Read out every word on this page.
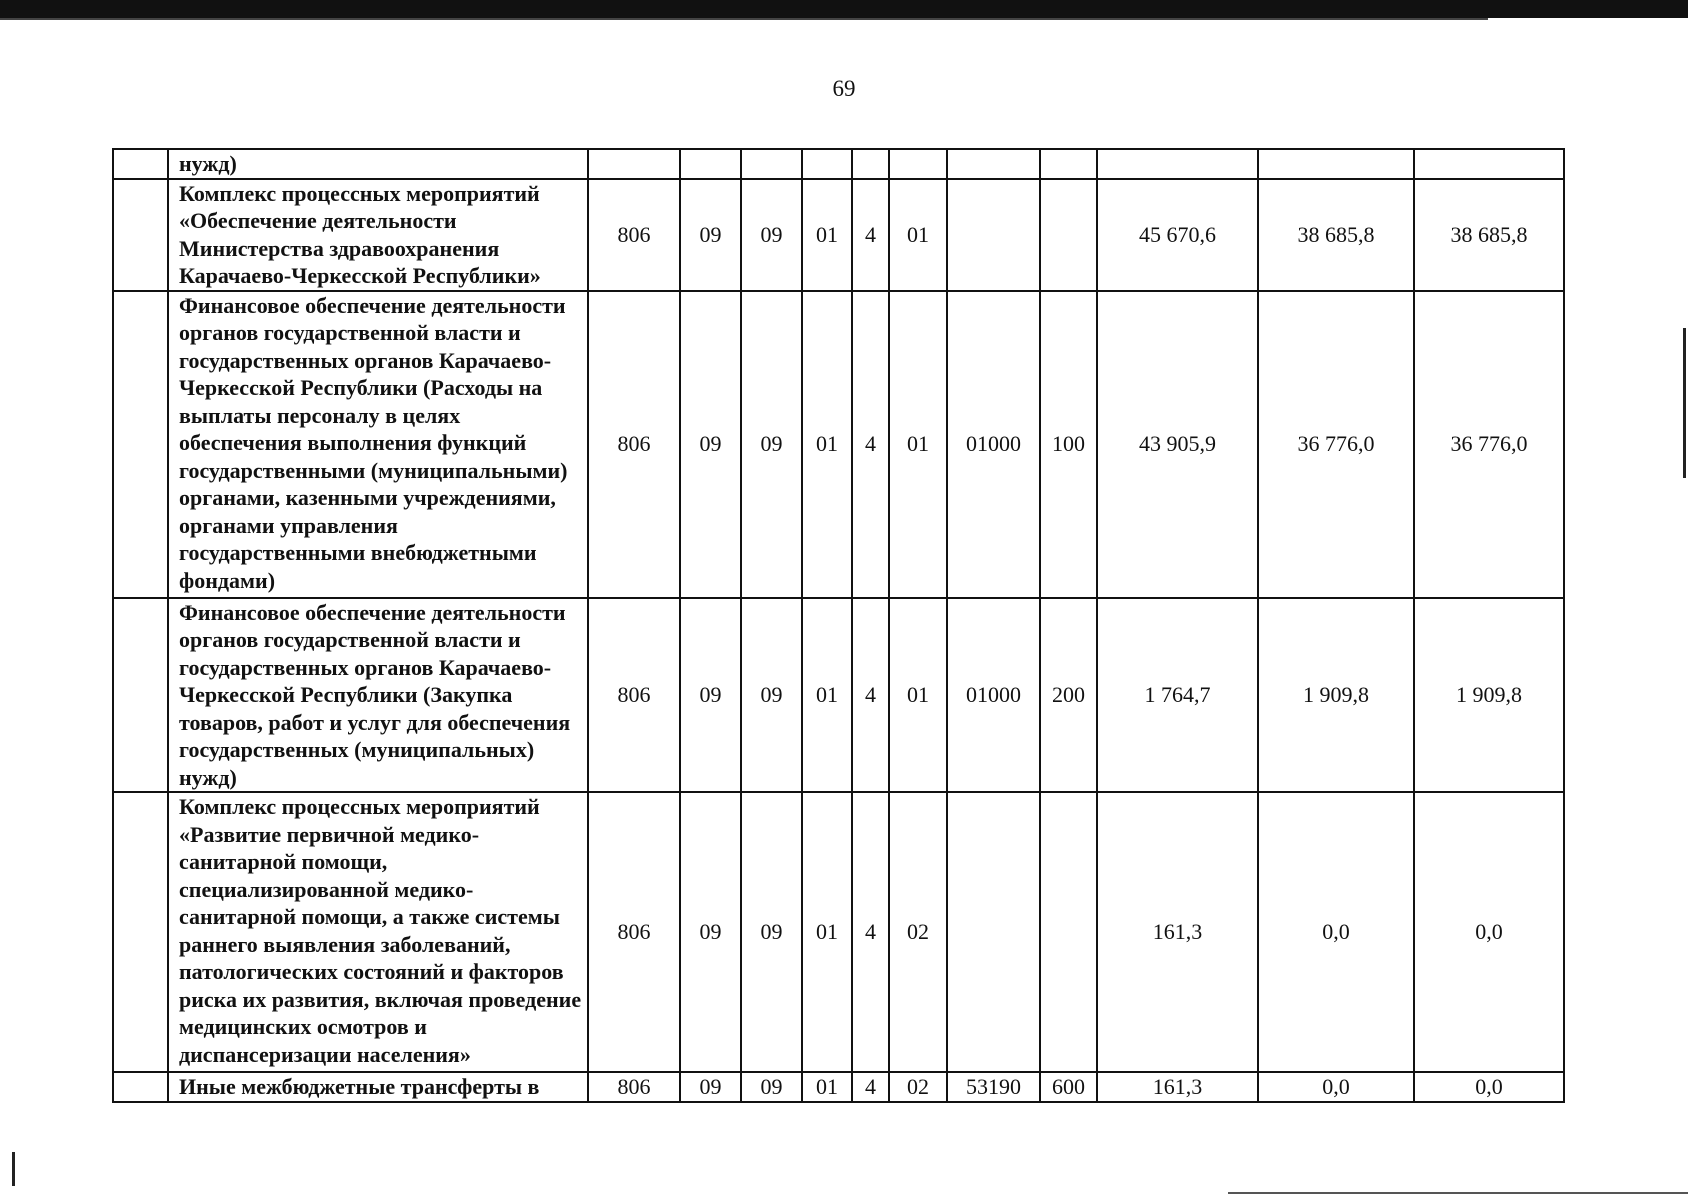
69
	нужд)											
	Комплекс процессных мероприятий «Обеспечение деятельности Министерства здравоохранения Карачаево-Черкесской Республики»	806	09	09	01	4	01			45 670,6	38 685,8	38 685,8
	Финансовое обеспечение деятельности органов государственной власти и государственных органов Карачаево-Черкесской Республики (Расходы на выплаты персоналу в целях обеспечения выполнения функций государственными (муниципальными) органами, казенными учреждениями, органами управления государственными внебюджетными фондами)	806	09	09	01	4	01	01000	100	43 905,9	36 776,0	36 776,0
	Финансовое обеспечение деятельности органов государственной власти и государственных органов Карачаево-Черкесской Республики (Закупка товаров, работ и услуг для обеспечения государственных (муниципальных) нужд)	806	09	09	01	4	01	01000	200	1 764,7	1 909,8	1 909,8
	Комплекс процессных мероприятий «Развитие первичной медико-санитарной помощи, специализированной медико-санитарной помощи, а также системы раннего выявления заболеваний, патологических состояний и факторов риска их развития, включая проведение медицинских осмотров и диспансеризации населения»	806	09	09	01	4	02			161,3	0,0	0,0
	Иные межбюджетные трансферты в	806	09	09	01	4	02	53190	600	161,3	0,0	0,0
